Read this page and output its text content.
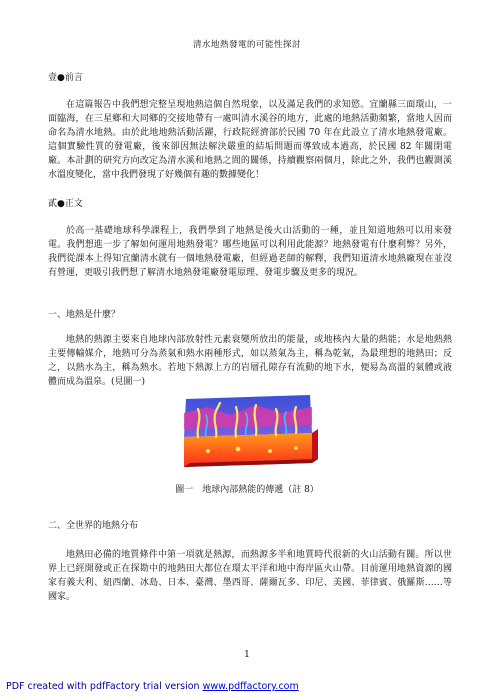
清水地熱發電的可能性探討
壹●前言

在這篇報告中我們想完整呈現地熱這個自然現象，以及滿足我們的求知慾。宜蘭縣三面環山，一面臨海，在三星鄉和大同鄉的交接地帶有一處叫清水溪谷的地方，此處的地熱活動頻繁，當地人因而命名為清水地熱。由於此地地熱活動活躍，行政院經濟部於民國 70 年在此設立了清水地熱發電廠。這個實驗性質的發電廠，後來卻因無法解決嚴重的結垢問題而導致成本過高，於民國 82 年關閉電廠。本計劃的研究方向改定為清水溪和地熱之間的關係，持續觀察兩個月，除此之外，我們也觀測溪水溫度變化，當中我們發現了好幾個有趣的數據變化！

貳●正文

於高一基礎地球科學課程上，我們學到了地熱是後火山活動的一種，並且知道地熱可以用來發電。我們想進一步了解如何運用地熱發電？哪些地區可以利用此能源？地熱發電有什麼利弊？另外，我們從課本上得知宜蘭清水就有一個地熱發電廠，但經過老師的解釋，我們知道清水地熱廠現在並沒有營運，更吸引我們想了解清水地熱發電廠發電原理、發電步驟及更多的現況。

一、地熱是什麼？

地熱的熱源主要來自地球內部放射性元素衰變所放出的能量，或地核內大量的熱能；水是地熱熱主要傳輸媒介，地熱可分為蒸氣和熱水兩種形式，如以蒸氣為主，稱為乾氣，為最理想的地熱田；反之，以熱水為主，稱為熱水。若地下熱源上方的岩層孔隙存有流動的地下水，便易為高溫的氣體或液體而成為溫泉。(見圖一)

圖一　地球內部熱能的傳遞（註 8）
二、全世界的地熱分布

地熱田必備的地質條件中第一項就是熱源，而熱源多半和地質時代很新的火山活動有關。所以世界上已經開發或正在探勘中的地熱田大都位在環太平洋和地中海岸區火山帶。目前運用地熱資源的國家有義大利、紐西蘭、冰島、日本、臺灣、墨西哥、薩爾瓦多、印尼、美國、菲律賓、俄羅斯……等國家。

1
PDF created with pdfFactory trial version www.pdffactory.com
